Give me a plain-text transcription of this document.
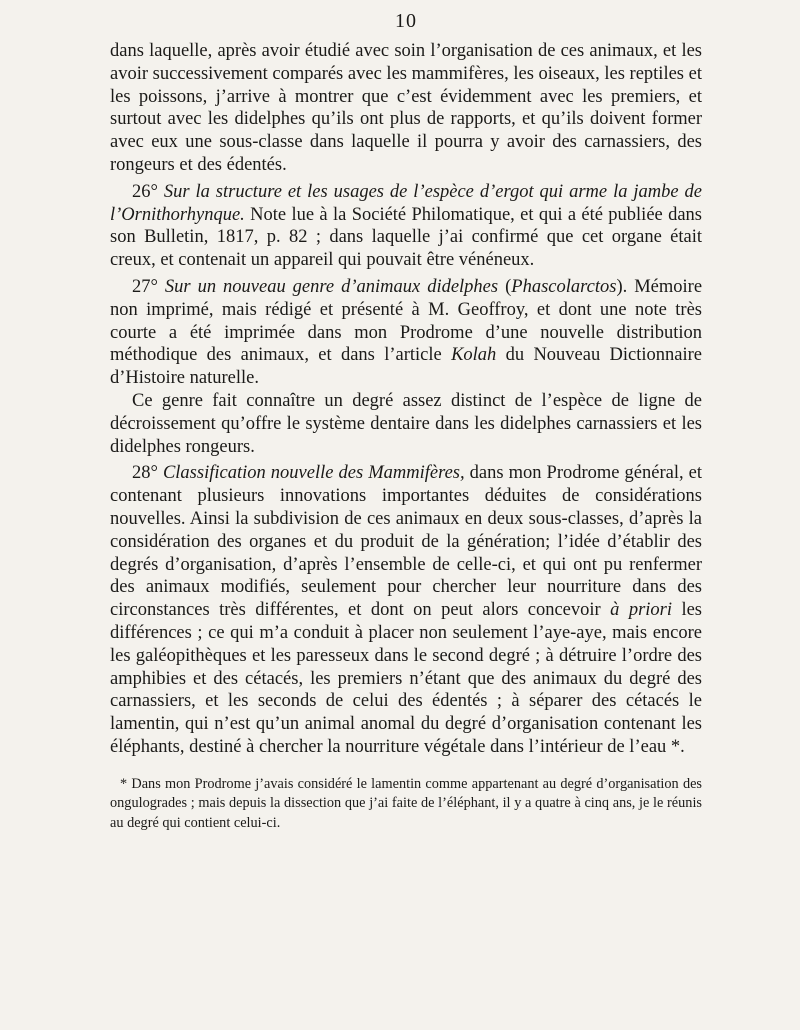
10

dans laquelle, après avoir étudié avec soin l’organisation de ces animaux, et les avoir successivement comparés avec les mammifères, les oiseaux, les reptiles et les poissons, j’arrive à montrer que c’est évidemment avec les premiers, et surtout avec les didelphes qu’ils ont plus de rapports, et qu’ils doivent former avec eux une sous-classe dans laquelle il pourra y avoir des carnassiers, des rongeurs et des édentés.

26° Sur la structure et les usages de l’espèce d’ergot qui arme la jambe de l’Ornithorhynque. Note lue à la Société Philomatique, et qui a été publiée dans son Bulletin, 1817, p. 82 ; dans laquelle j’ai confirmé que cet organe était creux, et contenait un appareil qui pouvait être vénéneux.

27° Sur un nouveau genre d’animaux didelphes (Phascolarctos). Mémoire non imprimé, mais rédigé et présenté à M. Geoffroy, et dont une note très courte a été imprimée dans mon Prodrome d’une nouvelle distribution méthodique des animaux, et dans l’article Kolah du Nouveau Dictionnaire d’Histoire naturelle.

Ce genre fait connaître un degré assez distinct de l’espèce de ligne de décroissement qu’offre le système dentaire dans les didelphes carnassiers et les didelphes rongeurs.

28° Classification nouvelle des Mammifères, dans mon Prodrome général, et contenant plusieurs innovations importantes déduites de considérations nouvelles. Ainsi la subdivision de ces animaux en deux sous-classes, d’après la considération des organes et du produit de la génération; l’idée d’établir des degrés d’organisation, d’après l’ensemble de celle-ci, et qui ont pu renfermer des animaux modifiés, seulement pour chercher leur nourriture dans des circonstances très différentes, et dont on peut alors concevoir à priori les différences ; ce qui m’a conduit à placer non seulement l’aye-aye, mais encore les galéopithèques et les paresseux dans le second degré ; à détruire l’ordre des amphibies et des cétacés, les premiers n’étant que des animaux du degré des carnassiers, et les seconds de celui des édentés ; à séparer des cétacés le lamentin, qui n’est qu’un animal anomal du degré d’organisation contenant les éléphants, destiné à chercher la nourriture végétale dans l’intérieur de l’eau *.

* Dans mon Prodrome j’avais considéré le lamentin comme appartenant au degré d’organisation des ongulogrades ; mais depuis la dissection que j’ai faite de l’éléphant, il y a quatre à cinq ans, je le réunis au degré qui contient celui-ci.
